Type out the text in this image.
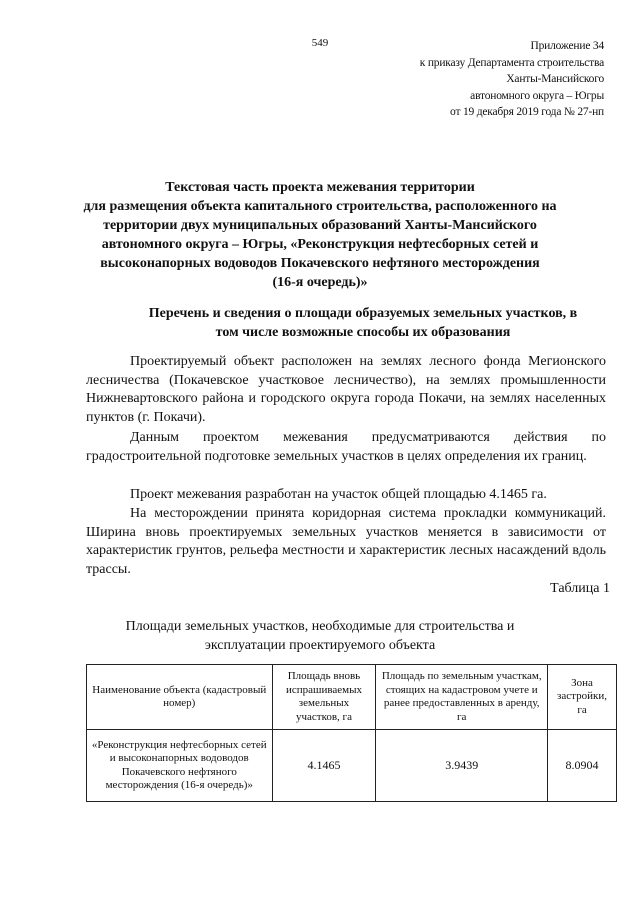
549	Приложение 34
к приказу Департамента строительства
Ханты-Мансийского
автономного округа – Югры
от 19 декабря 2019 года № 27-нп
Текстовая часть проекта межевания территории
для размещения объекта капитального строительства, расположенного на
территории двух муниципальных образований Ханты-Мансийского
автономного округа – Югры, «Реконструкция нефтесборных сетей и
высоконапорных водоводов Покачевского нефтяного месторождения
(16-я очередь)»
Перечень и сведения о площади образуемых земельных участков, в
том числе возможные способы их образования

Проектируемый объект расположен на землях лесного фонда Мегионского лесничества (Покачевское участковое лесничество), на землях промышленности Нижневартовского района и городского округа города Покачи, на землях населенных пунктов (г. Покачи).

Данным проектом межевания предусматриваются действия по градостроительной подготовке земельных участков в целях определения их границ.

Проект межевания разработан на участок общей площадью 4.1465 га.

На месторождении принята коридорная система прокладки коммуникаций. Ширина вновь проектируемых земельных участков меняется в зависимости от характеристик грунтов, рельефа местности и характеристик лесных насаждений вдоль трассы.

Таблица 1
Площади земельных участков, необходимые для строительства и
эксплуатации проектируемого объекта
Наименование объекта (кадастровый номер)	Площадь вновь испрашиваемых земельных участков, га	Площадь по земельным участкам, стоящих на кадастровом учете и ранее предоставленных в аренду, га	Зона застройки, га
«Реконструкция нефтесборных сетей и высоконапорных водоводов Покачевского нефтяного месторождения (16-я очередь)»	4.1465	3.9439	8.0904
